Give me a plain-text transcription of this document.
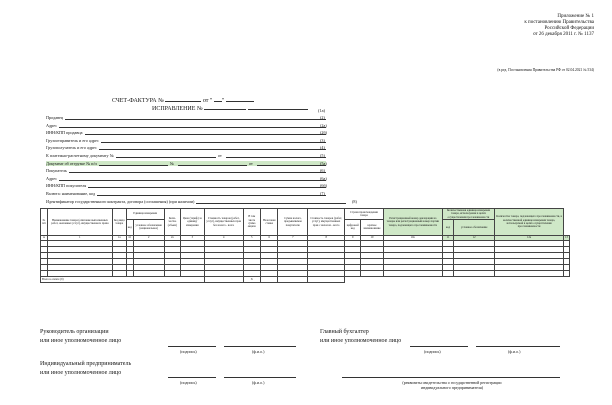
Приложение № 1
к постановлению Правительства
Российской Федерации
от 26 декабря 2011 г. № 1137
(в ред. Постановления Правительства РФ от 02.04.2021 № 534)
СЧЕТ-ФАКТУРА №	от " "
ИСПРАВЛЕНИЕ №	(1а)
Продавец	(2)
Адрес	(2а)
ИНН/КПП продавца	(2б)
Грузоотправитель и его адрес	(3)
Грузополучатель и его адрес	(4)
К платежно-расчетному документу №	от	(5)
Документ об отгрузке № п/п	№	от	(5а)
Покупатель	(6)
Адрес	(6а)
ИНН/КПП покупателя	(6б)
Валюта: наименование, код	(7)
Идентификатор государственного контракта, договора (соглашения) (при наличии)	(8)
№ п/п	Наименование товара (описание выполненных работ, оказанных услуг), имущественного права	Код вида товара	Единица измерения		Коли-чество (объем)	Цена (тариф) за единицу измерения	Стоимость товаров (работ, услуг), имущественных прав без налога - всего	В том числе сумма акциза	Налоговая ставка	Сумма налога, предъявляемая покупателю	Стоимость товаров (работ, услуг), имущественных прав с налогом - всего	Страна происхождения товара		Регистрационный номер декларации на товары или регистрационный номер партии товара, подлежащего прослеживаемости	Количественная единица измерения товара, используемая в целях осуществления прослеживаемости		Количество товара, подлежащего прослеживаемости, в количественной единице измерения товара, используемой в целях осуществления прослеживаемости	
			код	условное обозначение (национальное)								цифровой код	краткое наименование		код	условное обозначение		
А	1	1а	1б	2	2а	3	4	5	6	7	8	9	10	10а	11	12	12а	13

Всего к оплате (9)								Х										
Руководитель организации
или иное уполномоченное лицо
(подпись)	(ф.и.о.)
Главный бухгалтер
или иное уполномоченное лицо
(подпись)	(ф.и.о.)
Индивидуальный предприниматель
или иное уполномоченное лицо
(подпись)	(ф.и.о.)	(реквизиты свидетельства о государственной регистрации
индивидуального предпринимателя)
